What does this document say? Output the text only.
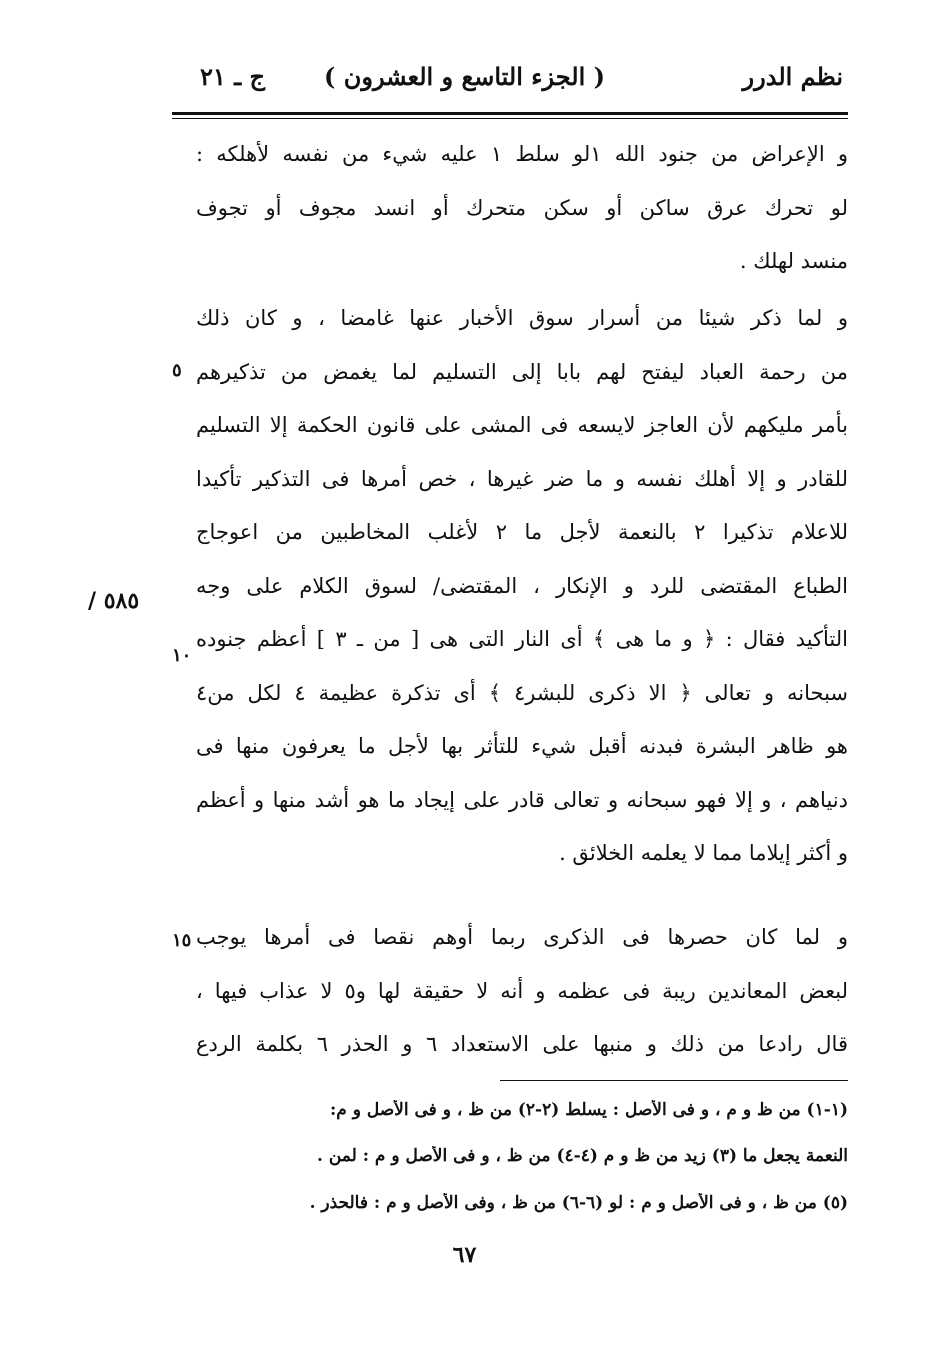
نظم الدرر
( الجزء التاسع و العشرون )
ج ـ ٢١
و الإعراض من جنود الله ١لو سلط ١ عليه شيء من نفسه لأهلكه :
لو تحرك عرق ساكن أو سكن متحرك أو انسد مجوف أو تجوف
منسد لهلك .
و لما ذكر شيئا من أسرار سوق الأخبار عنها غامضا ، و كان ذلك
من رحمة العباد ليفتح لهم بابا إلى التسليم لما يغمض من تذكيرهم
بأمر مليكهم لأن العاجز لايسعه فى المشى على قانون الحكمة إلا التسليم
للقادر و إلا أهلك نفسه و ما ضر غيرها ، خص أمرها فى التذكير تأكيدا
للاعلام تذكيرا ٢ بالنعمة لأجل ما ٢ لأغلب المخاطبين من اعوجاج
الطباع المقتضى للرد و الإنكار ، المقتضى/ لسوق الكلام على وجه
التأكيد فقال : ﴿ و ما هى ﴾ أى النار التى هى [ من ـ ٣ ] أعظم جنوده
سبحانه و تعالى ﴿ الا ذكرى للبشر٤ ﴾ أى تذكرة عظيمة ٤ لكل من٤
هو ظاهر البشرة فبدنه أقبل شيء للتأثر بها لأجل ما يعرفون منها فى
دنياهم ، و إلا فهو سبحانه و تعالى قادر على إيجاد ما هو أشد منها و أعظم
و أكثر إيلاما مما لا يعلمه الخلائق .
و لما كان حصرها فى الذكرى ربما أوهم نقصا فى أمرها يوجب
لبعض المعاندين ريبة فى عظمه و أنه لا حقيقة لها و٥ لا عذاب فيها ،
قال رادعا من ذلك و منبها على الاستعداد ٦ و الحذر ٦ بكلمة الردع
٥
١٠
١٥
٥٨٥ /
(١-١) من ظ و م ، و فى الأصل : يسلط (٢-٢) من ظ ، و فى الأصل و م:
النعمة يجعل ما (٣) زيد من ظ و م (٤-٤) من ظ ، و فى الأصل و م : لمن .
(٥) من ظ ، و فى الأصل و م : لو (٦-٦) من ظ ، وفى الأصل و م : فالحذر .
٦٧
